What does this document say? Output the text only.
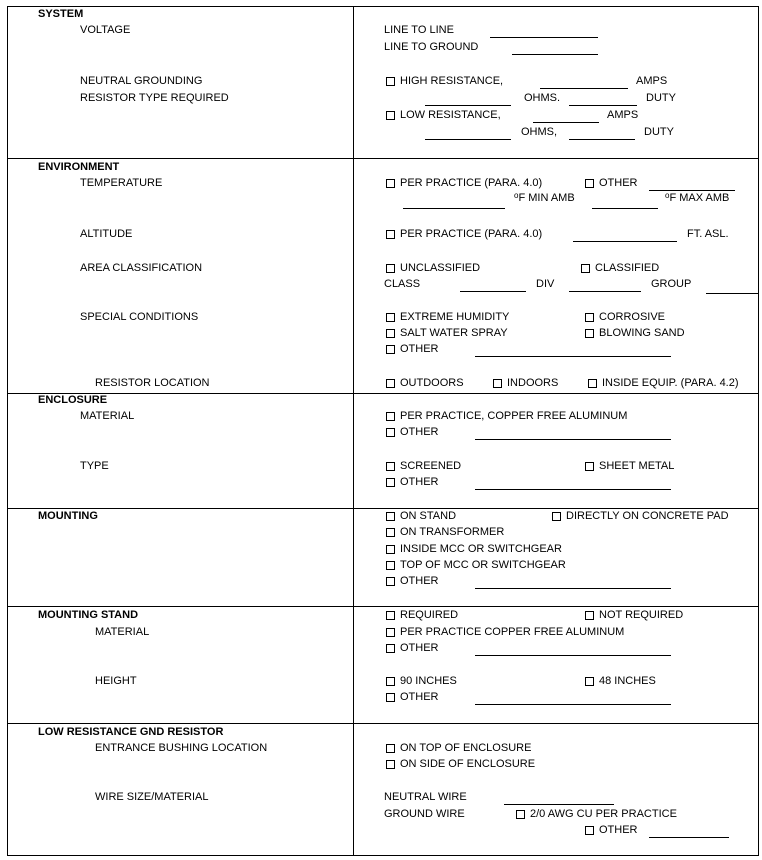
SYSTEM
VOLTAGE	LINE TO LINE
LINE TO GROUND
NEUTRAL GROUNDING
RESISTOR TYPE REQUIRED
HIGH RESISTANCE,	AMPS
OHMS.	DUTY
LOW RESISTANCE,	AMPS
OHMS,	DUTY
ENVIRONMENT
TEMPERATURE	PER PRACTICE (PARA. 4.0)	OTHER
$^o$F MIN AMB	$^o$F MAX AMB
ALTITUDE	PER PRACTICE (PARA. 4.0)	FT. ASL.
AREA CLASSIFICATION	UNCLASSIFIED	CLASSIFIED
CLASS	DIV	GROUP
SPECIAL CONDITIONS	EXTREME HUMIDITY	CORROSIVE
SALT WATER SPRAY	BLOWING SAND
OTHER
RESISTOR LOCATION	OUTDOORS	INDOORS	INSIDE EQUIP. (PARA. 4.2)
ENCLOSURE
MATERIAL	PER PRACTICE, COPPER FREE ALUMINUM
OTHER
TYPE	SCREENED	SHEET METAL
OTHER
MOUNTING	ON STAND	DIRECTLY ON CONCRETE PAD
ON TRANSFORMER
INSIDE MCC OR SWITCHGEAR
TOP OF MCC OR SWITCHGEAR
OTHER
MOUNTING STAND	REQUIRED	NOT REQUIRED
MATERIAL	PER PRACTICE COPPER FREE ALUMINUM
OTHER
HEIGHT	90 INCHES	48 INCHES
OTHER
LOW RESISTANCE GND RESISTOR
ENTRANCE BUSHING LOCATION	ON TOP OF ENCLOSURE
ON SIDE OF ENCLOSURE
WIRE SIZE/MATERIAL	NEUTRAL WIRE
GROUND WIRE	2/0 AWG CU PER PRACTICE
OTHER
